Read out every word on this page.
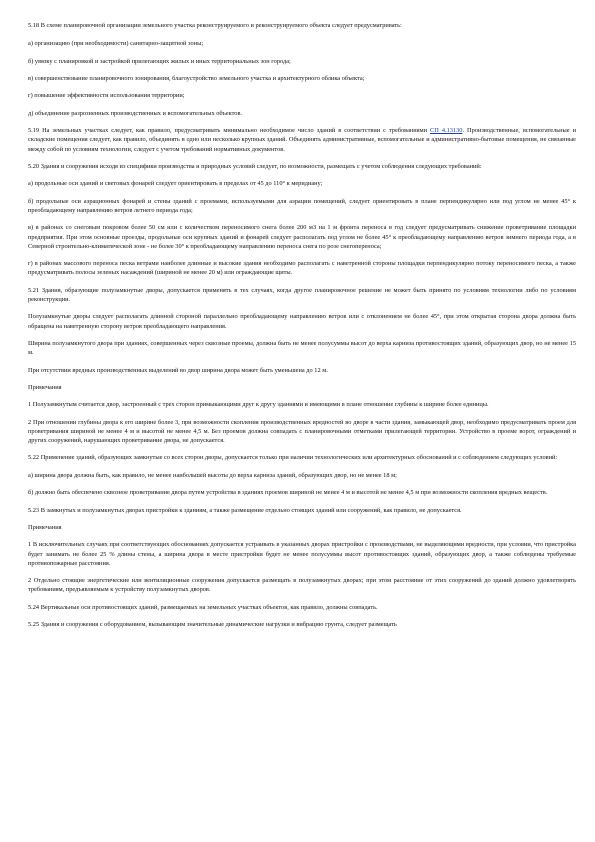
5.18 В схеме планировочной организации земельного участка реконструируемого и реконструируемого объекта следует предусматривать:

а) организацию (при необходимости) санитарно-защитной зоны;

б) увязку с планировкой и застройкой прилегающих жилых и иных территориальных зон города;

в) совершенствование планировочного зонирования, благоустройство земельного участка и архитектурного облика объекта;

г) повышение эффективности использования территории;

д) объединение разрозненных производственных и вспомогательных объектов.

5.19 На земельных участках следует, как правило, предусматривать минимально необходимое число зданий в соответствии с требованиями СП 4.13130. Производственные, вспомогательные и складские помещения следует, как правило, объединять в одно или несколько крупных зданий. Объединять административные, вспомогательные и административно-бытовые помещения, не связанные между собой по условиям технологии, следует с учетом требований нормативных документов.

5.20 Здания и сооружения исходя из специфики производства и природных условий следует, по возможности, размещать с учетом соблюдения следующих требований:

а) продольные оси зданий и световых фонарей следует ориентировать в пределах от 45 до 110° к меридиану;

б) продольные оси аэрационных фонарей и стены зданий с проемами, используемыми для аэрации помещений, следует ориентировать в плане перпендикулярно или под углом не менее 45° к преобладающему направлению ветров летнего периода года;

в) в районах со снеговым покровом более 50 см или с количеством переносимого снега более 200 м3 на 1 м фронта переноса в год следует предусматривать снижение проветривание площадки предприятия. При этом основные проезды, продольные оси крупных зданий и фонарей следует располагать под углом не более 45° к преобладающему направлению ветров зимнего периода года, а в Северной строительно-климатической зоне - не более 30° к преобладающему направлению переноса снега по розе снегопереноса;

г) в районах массового переноса песка ветрами наиболее длинные и высокие здания необходимо располагать с наветренной стороны площадки перпендикулярно потоку переносимого песка, а также предусматривать полосы зеленых насаждений (шириной не менее 20 м) или ограждающие щиты.

5.21 Здания, образующие полузамкнутые дворы, допускается применять в тех случаях, когда другое планировочное решение не может быть принято по условиям технологии либо по условиям реконструкции.

Полузамкнутые дворы следует располагать длинной стороной параллельно преобладающему направлению ветров или с отклонением не более 45°, при этом открытая сторона двора должна быть обращена на наветренную сторону ветров преобладающего направления.

Ширина полузамкнутого двора при зданиях, совершенных через сквозные проемы, должна быть не менее полусуммы высот до верха карниза противостоящих зданий, образующих двор, но не менее 15 м.

При отсутствии вредных производственных выделений во двор ширина двора может быть уменьшена до 12 м.

Примечания

1 Полузамкнутым считается двор, застроенный с трех сторон примыкающими друг к другу зданиями и имеющими в плане отношение глубины к ширине более единицы.

2 При отношении глубины двора к его ширине более 3, при возможности скопления производственных вредностей во дворе в части здания, замыкающей двор, необходимо предусматривать проем для проветривания шириной не менее 4 м и высотой не менее 4,5 м. Без проемов должна совпадать с планировочными отметками прилегающей территории. Устройство в проеме ворот, ограждений и других сооружений, нарушающих проветривание двора, не допускается.

5.22 Применение зданий, образующих замкнутые со всех сторон дворы, допускается только при наличии технологических или архитектурных обоснований и с соблюдением следующих условий:

а) ширина двора должна быть, как правило, не менее наибольшей высоты до верха карниза зданий, образующих двор, но не менее 18 м;

б) должно быть обеспечено сквозное проветривание двора путем устройства в зданиях проемов шириной не менее 4 м и высотой не менее 4,5 м при возможности скопления вредных веществ.

5.23 В замкнутых и полузамкнутых дворах пристройки к зданиям, а также размещение отдельно стоящих зданий или сооружений, как правило, не допускается.

Примечания

1 В исключительных случаях при соответствующих обоснованиях допускается устраивать в указанных дворах пристройки с производствами, не выделяющими вредности, при условии, что пристройка будет занимать не более 25 % длины стены, а ширина двора в месте пристройки будет не менее полусуммы высот противостоящих зданий, образующих двор, а также соблюдены требуемые противопожарные расстояния.

2 Отдельно стоящие энергетические или вентиляционные сооружения допускается размещать в полузамкнутых дворах; при этом расстояние от этих сооружений до зданий должно удовлетворять требованиям, предъявляемым к устройству полузамкнутых дворов.

5.24 Вертикальные оси противостоящих зданий, размещаемых на земельных участках объектов, как правило, должны совпадать.

5.25 Здания и сооружения с оборудованием, вызывающим значительные динамические нагрузки и вибрацию грунта, следует размещать
